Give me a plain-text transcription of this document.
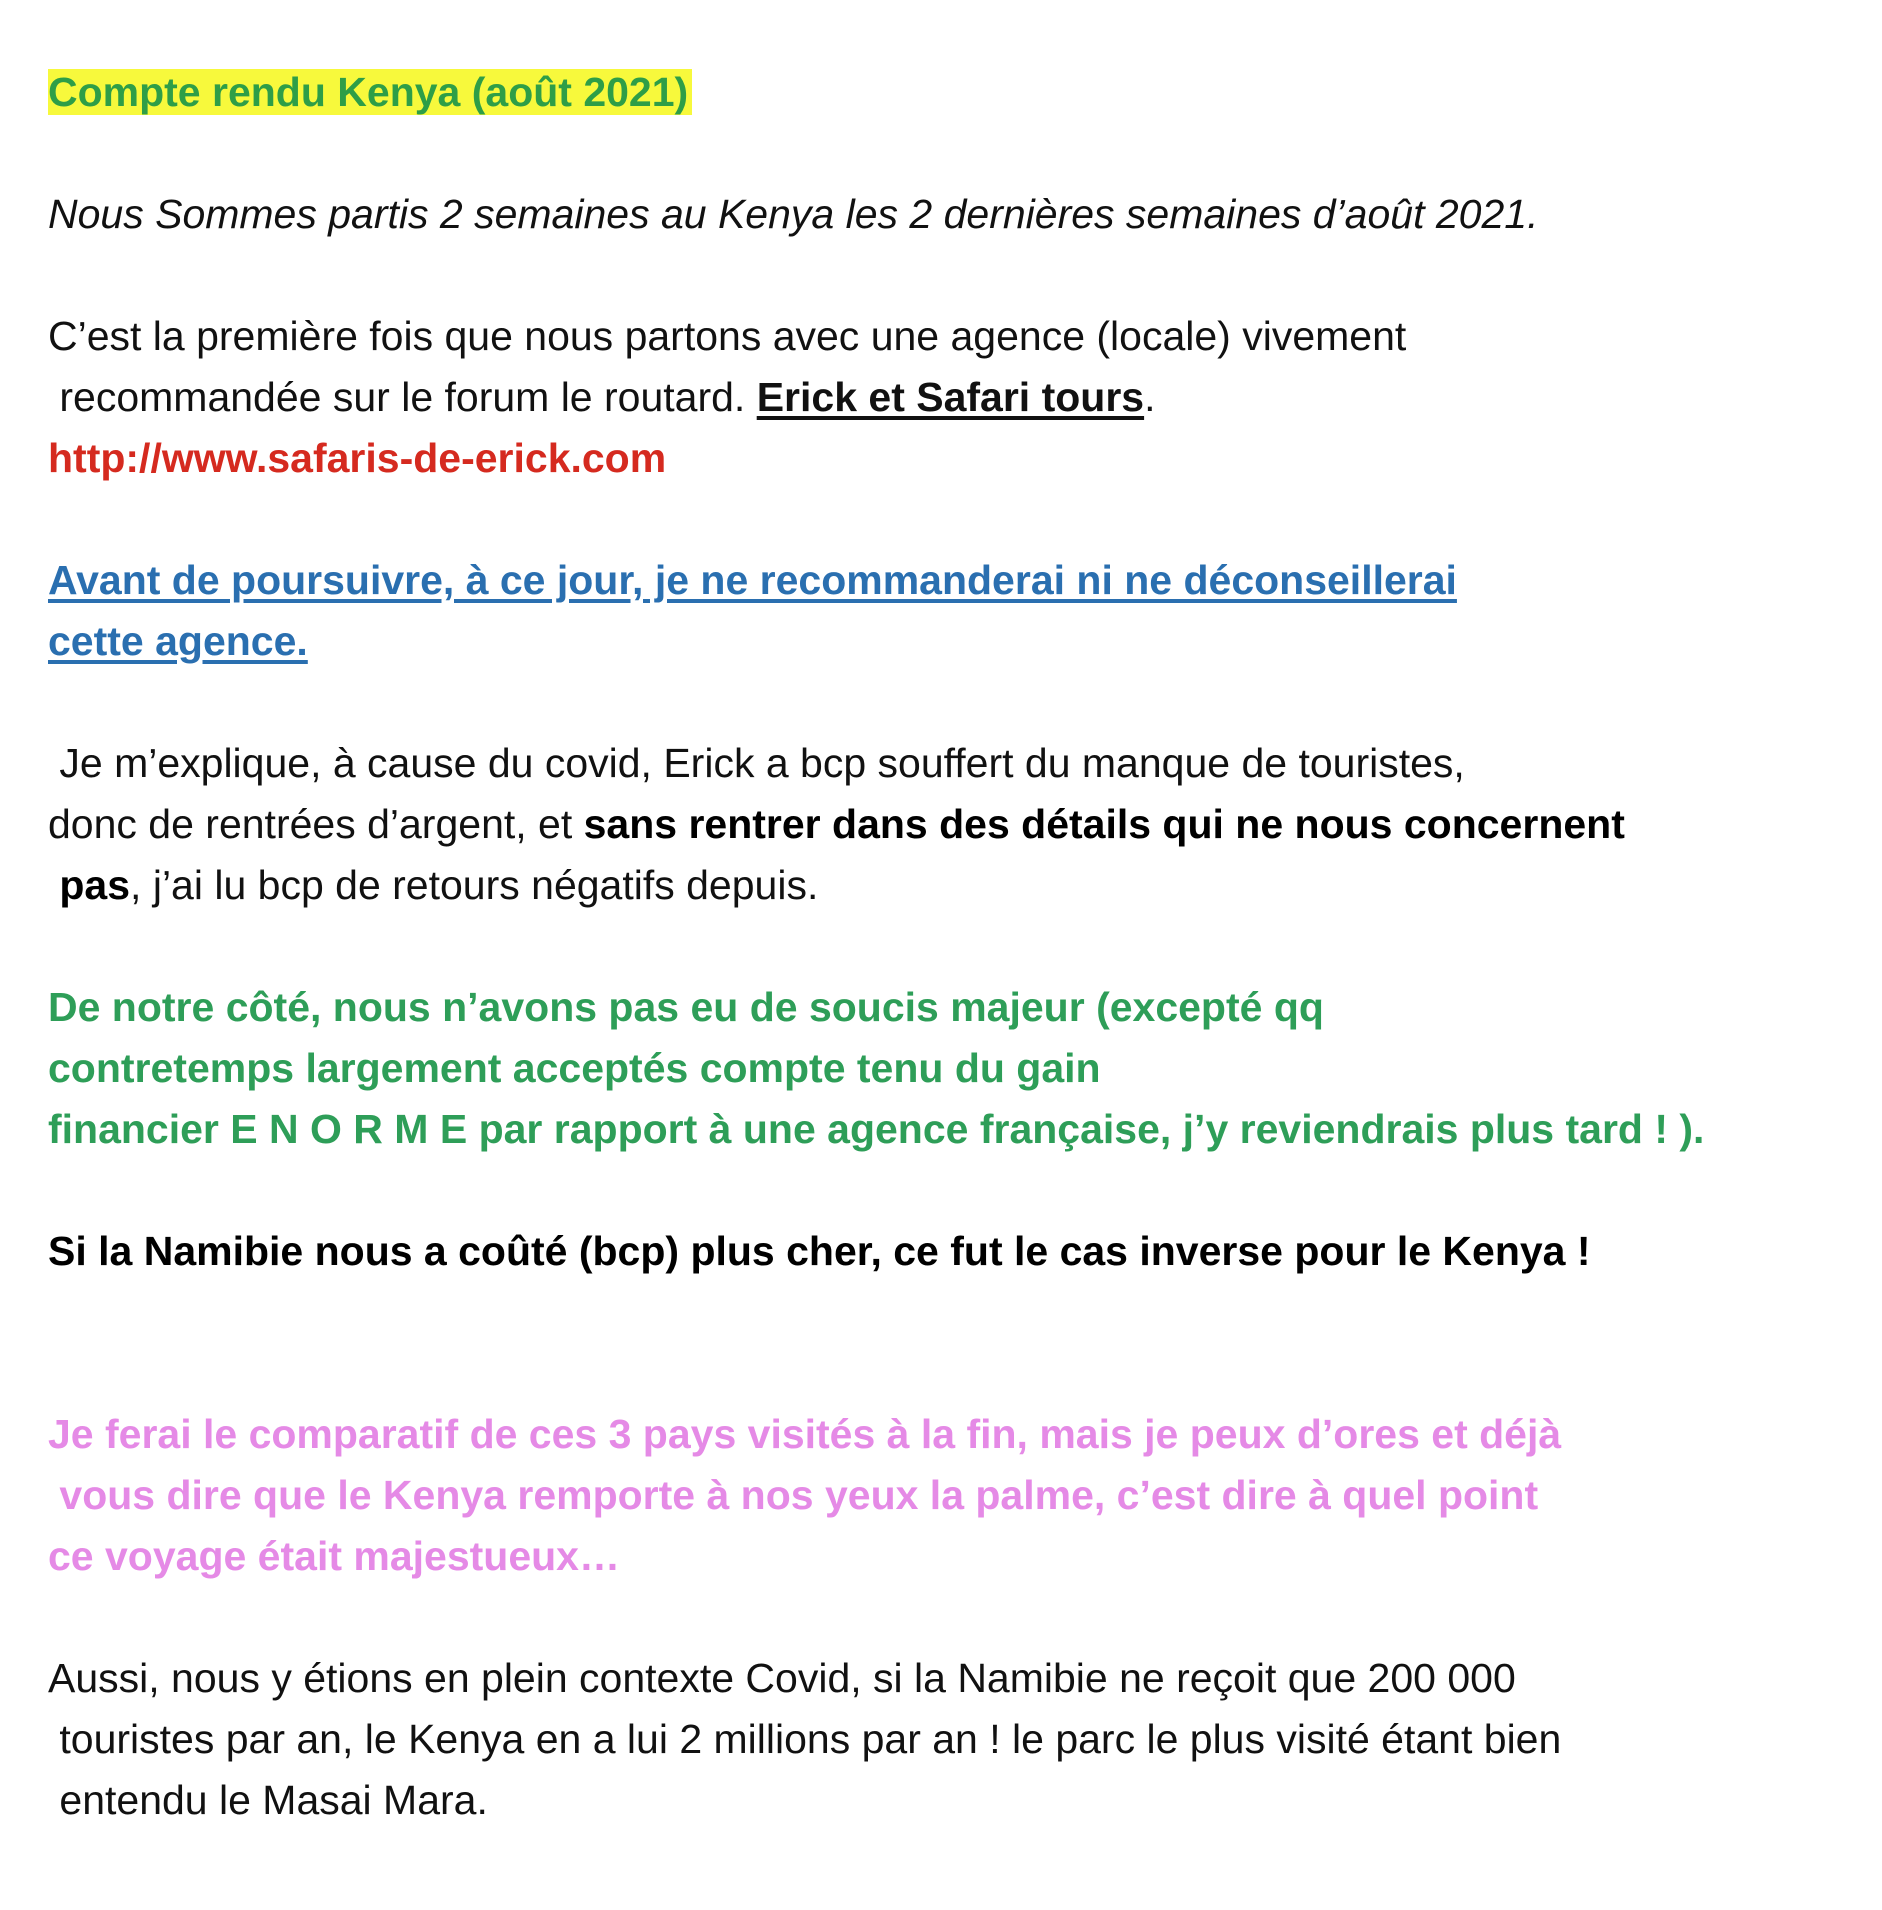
Compte rendu Kenya (août 2021)

Nous Sommes partis 2 semaines au Kenya les 2 dernières semaines d’août 2021.

C’est la première fois que nous partons avec une agence (locale) vivement

recommandée sur le forum le routard. Erick et Safari tours.

http://www.safaris-de-erick.com

Avant de poursuivre, à ce jour, je ne recommanderai ni ne déconseillerai

cette agence.

Je m’explique, à cause du covid, Erick a bcp souffert du manque de touristes,

donc de rentrées d’argent, et sans rentrer dans des détails qui ne nous concernent

pas, j’ai lu bcp de retours négatifs depuis.

De notre côté, nous n’avons pas eu de soucis majeur (excepté qq

contretemps largement acceptés compte tenu du gain

financier E N O R M E par rapport à une agence française, j’y reviendrais plus tard ! ).

Si la Namibie nous a coûté (bcp) plus cher, ce fut le cas inverse pour le Kenya !

Je ferai le comparatif de ces 3 pays visités à la fin, mais je peux d’ores et déjà

vous dire que le Kenya remporte à nos yeux la palme, c’est dire à quel point

ce voyage était majestueux…

Aussi, nous y étions en plein contexte Covid, si la Namibie ne reçoit que 200 000

touristes par an, le Kenya en a lui 2 millions par an ! le parc le plus visité étant bien

entendu le Masai Mara.
